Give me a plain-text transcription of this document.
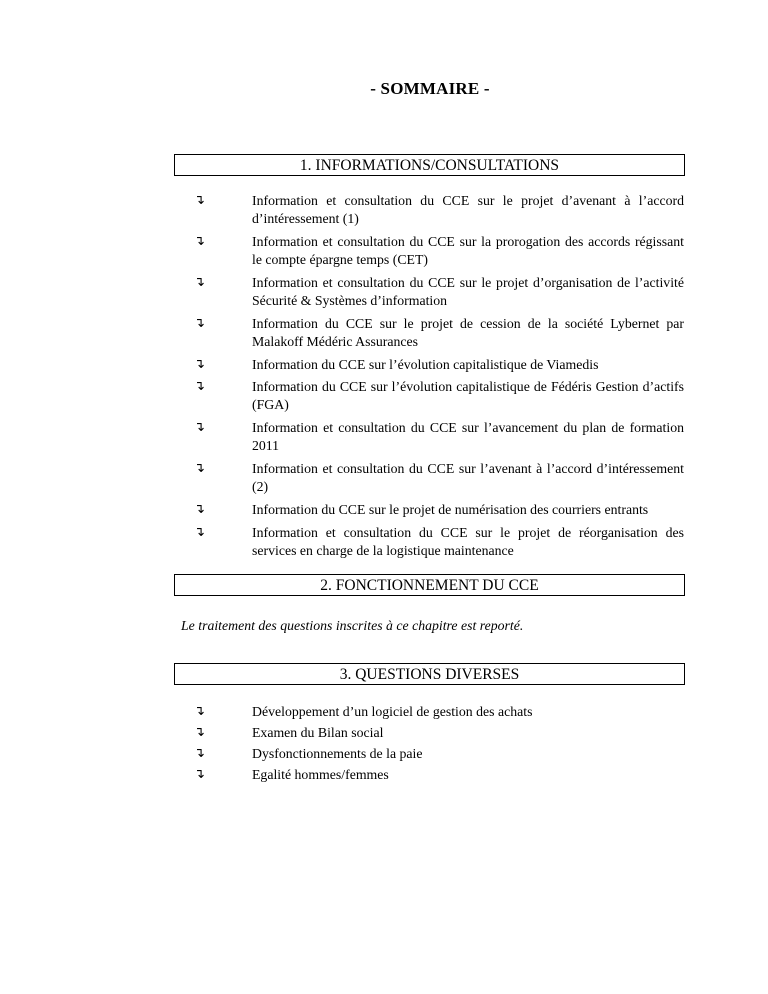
- SOMMAIRE -
1. INFORMATIONS/CONSULTATIONS
↴	Information et consultation du CCE sur le projet d’avenant à l’accord d’intéressement (1)
↴	Information et consultation du CCE sur la prorogation des accords régissant le compte épargne temps (CET)
↴	Information et consultation du CCE sur le projet d’organisation de l’activité Sécurité & Systèmes d’information
↴	Information du CCE sur le projet de cession de la société Lybernet par Malakoff Médéric Assurances
↴	Information du CCE sur l’évolution capitalistique de Viamedis
↴	Information du CCE sur l’évolution capitalistique de Fédéris Gestion d’actifs (FGA)
↴	Information et consultation du CCE sur l’avancement du plan de formation 2011
↴	Information et consultation du CCE sur l’avenant à l’accord d’intéressement (2)
↴	Information du CCE sur le projet de numérisation des courriers entrants
↴	Information et consultation du CCE sur le projet de réorganisation des services en charge de la logistique maintenance
2. FONCTIONNEMENT DU CCE
Le traitement des questions inscrites à ce chapitre est reporté.
3. QUESTIONS DIVERSES
↴	Développement d’un logiciel de gestion des achats
↴	Examen du Bilan social
↴	Dysfonctionnements de la paie
↴	Egalité hommes/femmes
